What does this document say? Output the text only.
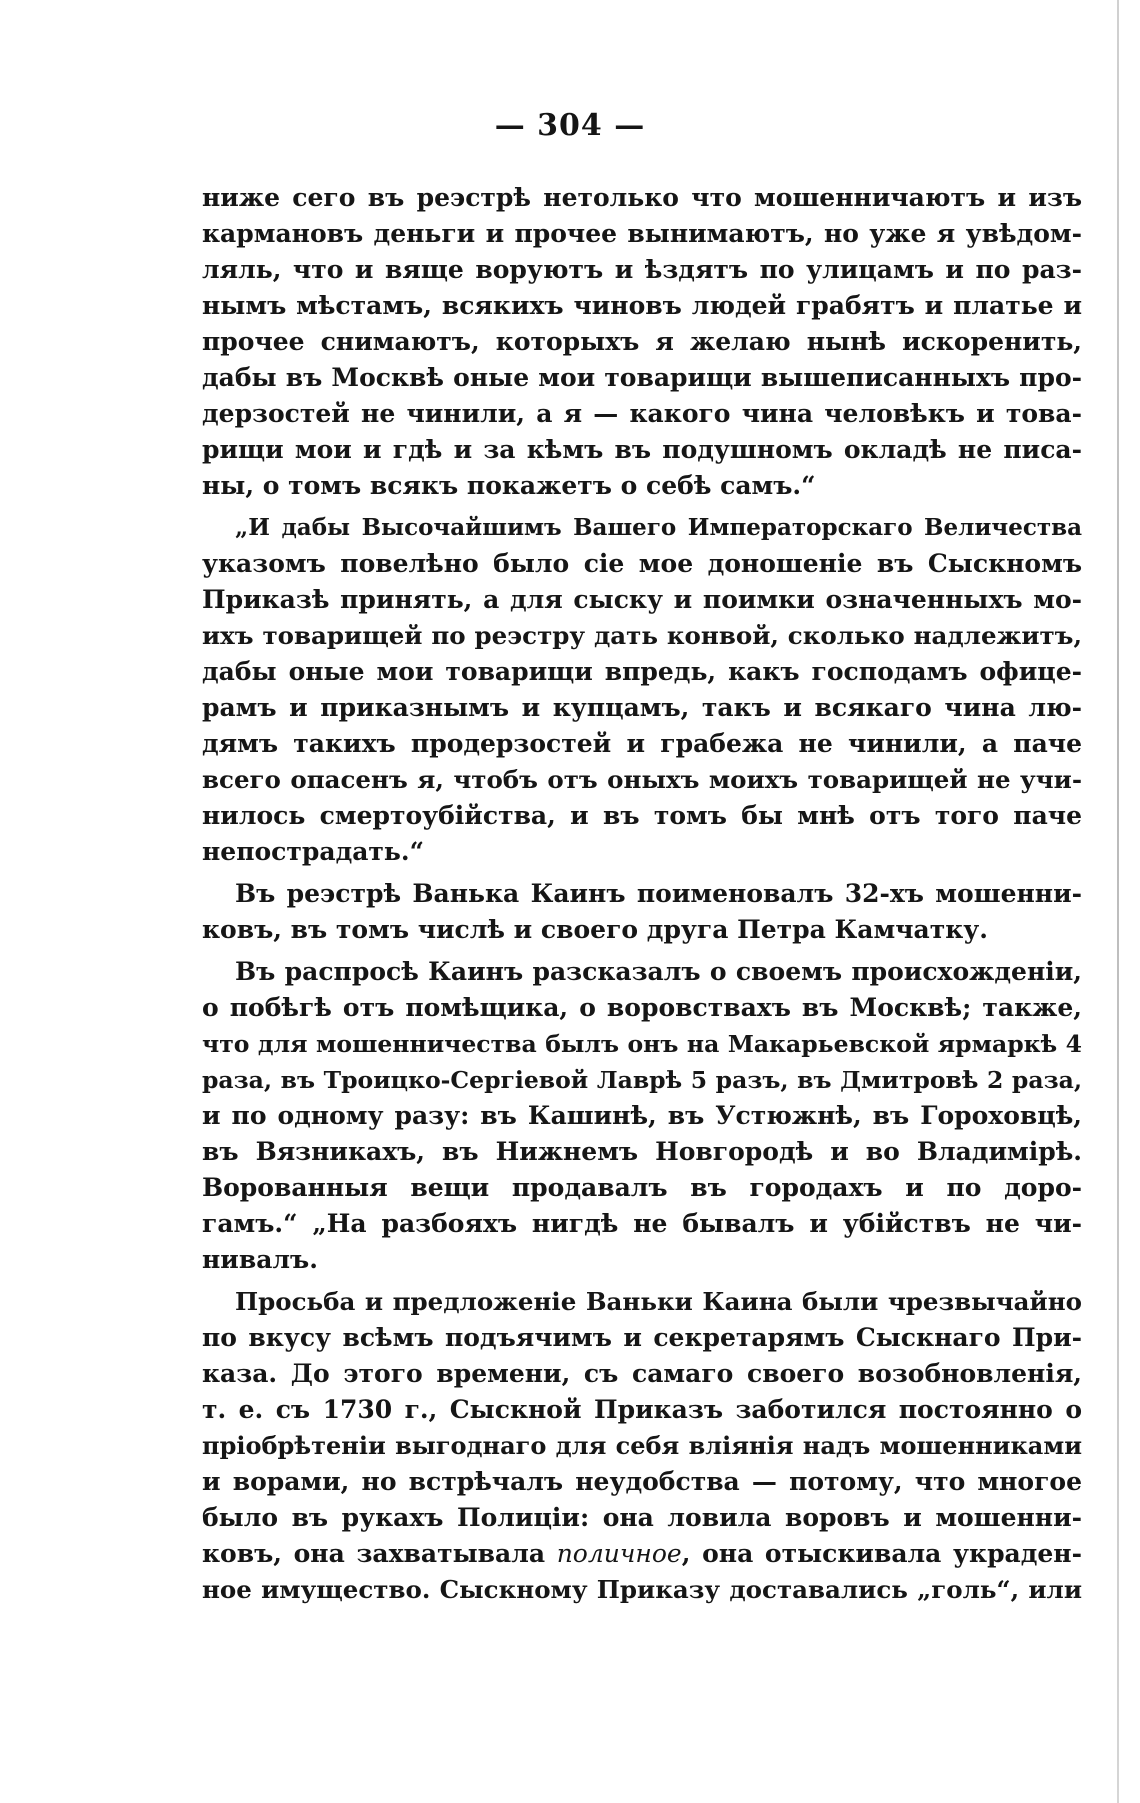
— 304 —
ниже сего въ реэстрѣ нетолько что мошенничаютъ и изъ
кармановъ деньги и прочее вынимаютъ, но уже я увѣдом-
ляль, что и вяще воруютъ и ѣздятъ по улицамъ и по раз-
нымъ мѣстамъ, всякихъ чиновъ людей грабятъ и платье и
прочее снимаютъ, которыхъ я желаю нынѣ искоренить,
дабы въ Москвѣ оные мои товарищи вышеписанныхъ про-
дерзостей не чинили, а я — какого чина человѣкъ и това-
рищи мои и гдѣ и за кѣмъ въ подушномъ окладѣ не писа-
ны, о томъ всякъ покажетъ о себѣ самъ.“
„И дабы Высочайшимъ Вашего Императорскаго Величества
указомъ повелѣно было сіе мое доношеніе въ Сыскномъ
Приказѣ принять, а для сыску и поимки означенныхъ мо-
ихъ товарищей по реэстру дать конвой, сколько надлежитъ,
дабы оные мои товарищи впредь, какъ господамъ офице-
рамъ и приказнымъ и купцамъ, такъ и всякаго чина лю-
дямъ такихъ продерзостей и грабежа не чинили, а паче
всего опасенъ я, чтобъ отъ оныхъ моихъ товарищей не учи-
нилось смертоубійства, и въ томъ бы мнѣ отъ того паче
непострадать.“
Въ реэстрѣ Ванька Каинъ поименовалъ 32-хъ мошенни-
ковъ, въ томъ числѣ и своего друга Петра Камчатку.
Въ распросѣ Каинъ разсказалъ о своемъ происхожденіи,
о побѣгѣ отъ помѣщика, о воровствахъ въ Москвѣ; также,
что для мошенничества былъ онъ на Макарьевской ярмаркѣ 4
раза, въ Троицко-Сергіевой Лаврѣ 5 разъ, въ Дмитровѣ 2 раза,
и по одному разу: въ Кашинѣ, въ Устюжнѣ, въ Гороховцѣ,
въ Вязникахъ, въ Нижнемъ Новгородѣ и во Владимірѣ.
Ворованныя вещи продавалъ въ городахъ и по доро-
гамъ.“ „На разбояхъ нигдѣ не бывалъ и убійствъ не чи-
нивалъ.
Просьба и предложеніе Ваньки Каина были чрезвычайно
по вкусу всѣмъ подъячимъ и секретарямъ Сыскнаго При-
каза. До этого времени, съ самаго своего возобновленія,
т. е. съ 1730 г., Сыскной Приказъ заботился постоянно о
пріобрѣтеніи выгоднаго для себя вліянія надъ мошенниками
и ворами, но встрѣчалъ неудобства — потому, что многое
было въ рукахъ Полиціи: она ловила воровъ и мошенни-
ковъ, она захватывала поличное, она отыскивала украден-
ное имущество. Сыскному Приказу доставались „голь“, или
